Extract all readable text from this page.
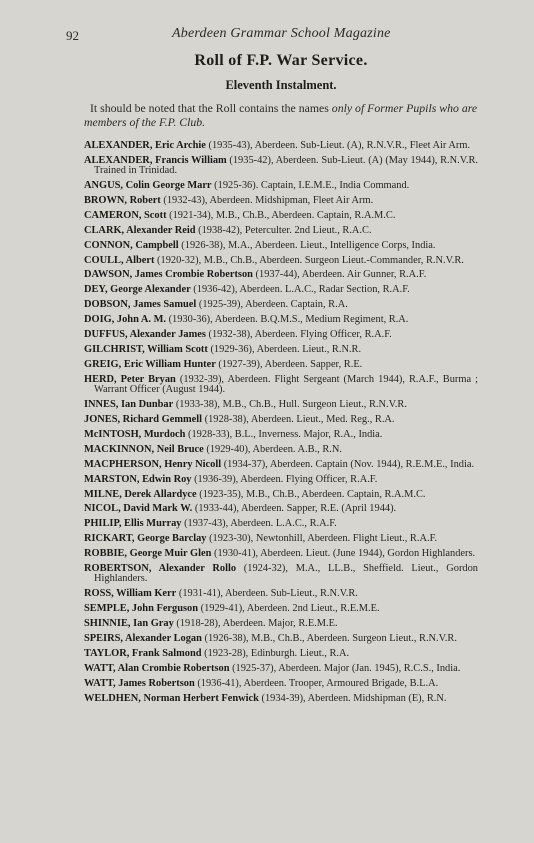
92	Aberdeen Grammar School Magazine
Roll of F.P. War Service.
Eleventh Instalment.

It should be noted that the Roll contains the names only of Former Pupils who are members of the F.P. Club.

ALEXANDER, Eric Archie (1935-43), Aberdeen. Sub-Lieut. (A), R.N.V.R., Fleet Air Arm.
ALEXANDER, Francis William (1935-42), Aberdeen. Sub-Lieut. (A) (May 1944), R.N.V.R. Trained in Trinidad.
ANGUS, Colin George Marr (1925-36). Captain, I.E.M.E., India Command.
BROWN, Robert (1932-43), Aberdeen. Midshipman, Fleet Air Arm.
CAMERON, Scott (1921-34), M.B., Ch.B., Aberdeen. Captain, R.A.M.C.
CLARK, Alexander Reid (1938-42), Peterculter. 2nd Lieut., R.A.C.
CONNON, Campbell (1926-38), M.A., Aberdeen. Lieut., Intelligence Corps, India.
COULL, Albert (1920-32), M.B., Ch.B., Aberdeen. Surgeon Lieut.-Commander, R.N.V.R.
DAWSON, James Crombie Robertson (1937-44), Aberdeen. Air Gunner, R.A.F.
DEY, George Alexander (1936-42), Aberdeen. L.A.C., Radar Section, R.A.F.
DOBSON, James Samuel (1925-39), Aberdeen. Captain, R.A.
DOIG, John A. M. (1930-36), Aberdeen. B.Q.M.S., Medium Regiment, R.A.
DUFFUS, Alexander James (1932-38), Aberdeen. Flying Officer, R.A.F.
GILCHRIST, William Scott (1929-36), Aberdeen. Lieut., R.N.R.
GREIG, Eric William Hunter (1927-39), Aberdeen. Sapper, R.E.
HERD, Peter Bryan (1932-39), Aberdeen. Flight Sergeant (March 1944), R.A.F., Burma ; Warrant Officer (August 1944).
INNES, Ian Dunbar (1933-38), M.B., Ch.B., Hull. Surgeon Lieut., R.N.V.R.
JONES, Richard Gemmell (1928-38), Aberdeen. Lieut., Med. Reg., R.A.
McINTOSH, Murdoch (1928-33), B.L., Inverness. Major, R.A., India.
MACKINNON, Neil Bruce (1929-40), Aberdeen. A.B., R.N.
MACPHERSON, Henry Nicoll (1934-37), Aberdeen. Captain (Nov. 1944), R.E.M.E., India.
MARSTON, Edwin Roy (1936-39), Aberdeen. Flying Officer, R.A.F.
MILNE, Derek Allardyce (1923-35), M.B., Ch.B., Aberdeen. Captain, R.A.M.C.
NICOL, David Mark W. (1933-44), Aberdeen. Sapper, R.E. (April 1944).
PHILIP, Ellis Murray (1937-43), Aberdeen. L.A.C., R.A.F.
RICKART, George Barclay (1923-30), Newtonhill, Aberdeen. Flight Lieut., R.A.F.
ROBBIE, George Muir Glen (1930-41), Aberdeen. Lieut. (June 1944), Gordon Highlanders.
ROBERTSON, Alexander Rollo (1924-32), M.A., LL.B., Sheffield. Lieut., Gordon Highlanders.
ROSS, William Kerr (1931-41), Aberdeen. Sub-Lieut., R.N.V.R.
SEMPLE, John Ferguson (1929-41), Aberdeen. 2nd Lieut., R.E.M.E.
SHINNIE, Ian Gray (1918-28), Aberdeen. Major, R.E.M.E.
SPEIRS, Alexander Logan (1926-38), M.B., Ch.B., Aberdeen. Surgeon Lieut., R.N.V.R.
TAYLOR, Frank Salmond (1923-28), Edinburgh. Lieut., R.A.
WATT, Alan Crombie Robertson (1925-37), Aberdeen. Major (Jan. 1945), R.C.S., India.
WATT, James Robertson (1936-41), Aberdeen. Trooper, Armoured Brigade, B.L.A.
WELDHEN, Norman Herbert Fenwick (1934-39), Aberdeen. Midshipman (E), R.N.
